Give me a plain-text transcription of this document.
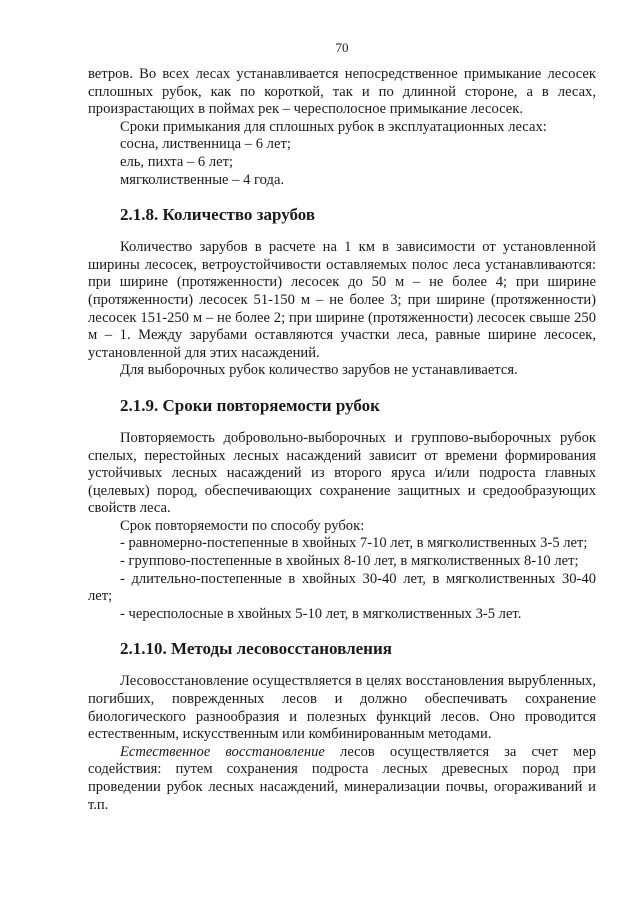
70

ветров. Во всех лесах устанавливается непосредственное примыкание лесосек сплошных рубок, как по короткой, так и по длинной стороне, а в лесах, произрастающих в поймах рек – чересполосное примыкание лесосек.

Сроки примыкания для сплошных рубок в эксплуатационных лесах:

сосна, лиственница – 6 лет;

ель, пихта – 6 лет;

мягколиственные – 4 года.

2.1.8. Количество зарубов

Количество зарубов в расчете на 1 км в зависимости от установленной ширины лесосек, ветроустойчивости оставляемых полос леса устанавливаются: при ширине (протяженности) лесосек до 50 м – не более 4; при ширине (протяженности) лесосек 51-150 м – не более 3; при ширине (протяженности) лесосек 151-250 м – не более 2; при ширине (протяженности) лесосек свыше 250 м – 1. Между зарубами оставляются участки леса, равные ширине лесосек, установленной для этих насаждений.

Для выборочных рубок количество зарубов не устанавливается.

2.1.9. Сроки повторяемости рубок

Повторяемость добровольно-выборочных и группово-выборочных рубок спелых, перестойных лесных насаждений зависит от времени формирования устойчивых лесных насаждений из второго яруса и/или подроста главных (целевых) пород, обеспечивающих сохранение защитных и средообразующих свойств леса.

Срок повторяемости по способу рубок:

- равномерно-постепенные в хвойных 7-10 лет, в мягколиственных 3-5 лет;

- группово-постепенные в хвойных 8-10 лет, в мягколиственных 8-10 лет;

- длительно-постепенные в хвойных 30-40 лет, в мягколиственных 30-40 лет;

- чересполосные в хвойных 5-10 лет, в мягколиственных 3-5 лет.

2.1.10. Методы лесовосстановления

Лесовосстановление осуществляется в целях восстановления вырубленных, погибших, поврежденных лесов и должно обеспечивать сохранение биологического разнообразия и полезных функций лесов. Оно проводится естественным, искусственным или комбинированным методами.

Естественное восстановление лесов осуществляется за счет мер содействия: путем сохранения подроста лесных древесных пород при проведении рубок лесных насаждений, минерализации почвы, огораживаний и т.п.
